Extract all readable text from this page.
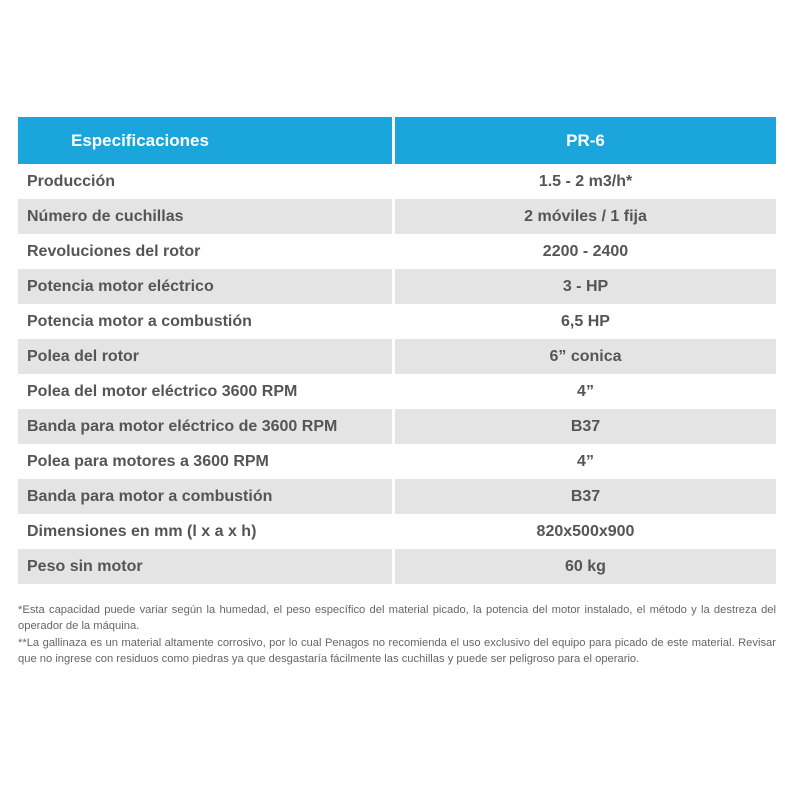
Especificaciones	PR-6
Producción	1.5 - 2 m3/h*
Número de cuchillas	2 móviles / 1 fija
Revoluciones del rotor	2200 - 2400
Potencia motor eléctrico	3 - HP
Potencia motor a combustión	6,5 HP
Polea del rotor	6” conica
Polea del motor eléctrico 3600 RPM	4”
Banda para motor eléctrico de 3600 RPM	B37
Polea para motores a 3600 RPM	4”
Banda para motor a combustión	B37
Dimensiones en mm (l x a x h)	820x500x900
Peso sin motor	60 kg

*Esta capacidad puede variar según la humedad, el peso específico del material picado, la potencia del motor instalado, el método y la destreza del operador de la máquina.

**La gallinaza es un material altamente corrosivo, por lo cual Penagos no recomienda el uso exclusivo del equipo para picado de este material. Revisar que no ingrese con residuos como piedras ya que desgastaría fácilmente las cuchillas y puede ser peligroso para el operario.
